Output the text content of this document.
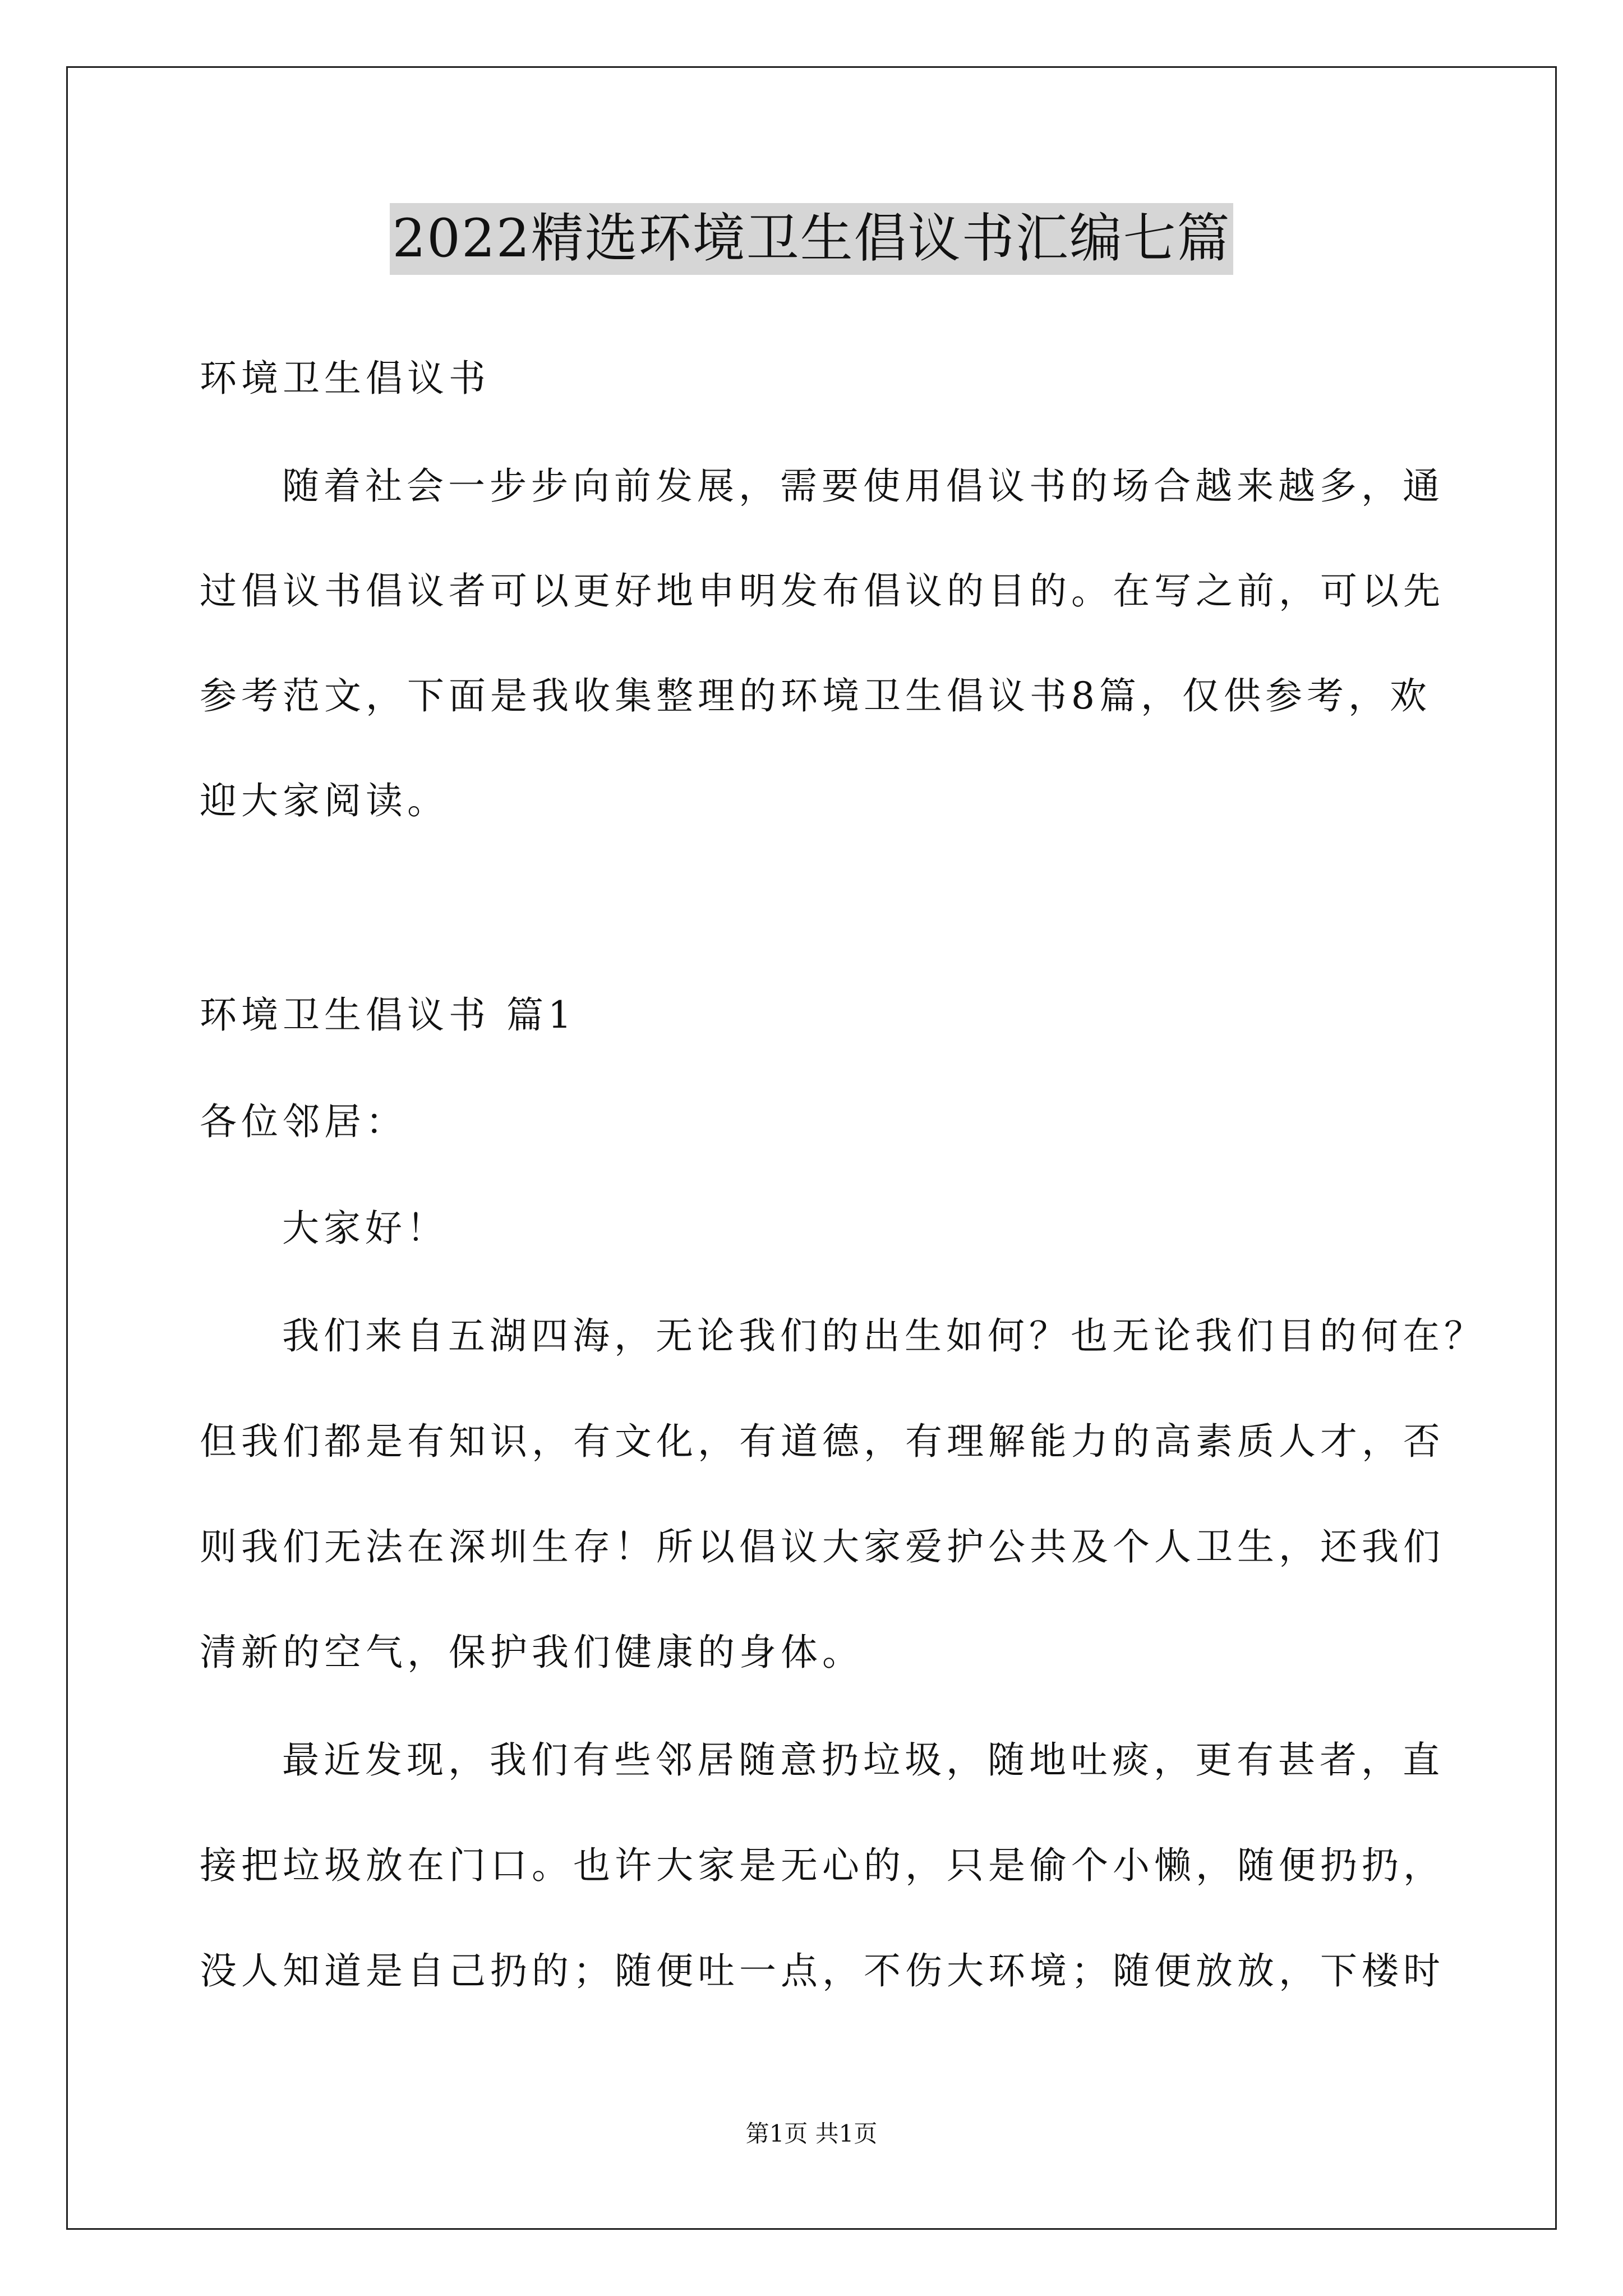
2022精选环境卫生倡议书汇编七篇
环境卫生倡议书
随着社会一步步向前发展，需要使用倡议书的场合越来越多，通
过倡议书倡议者可以更好地申明发布倡议的目的。在写之前，可以先
参考范文，下面是我收集整理的环境卫生倡议书8篇，仅供参考，欢
迎大家阅读。
环境卫生倡议书 篇1
各位邻居：
大家好！
我们来自五湖四海，无论我们的出生如何？也无论我们目的何在？
但我们都是有知识，有文化，有道德，有理解能力的高素质人才，否
则我们无法在深圳生存！所以倡议大家爱护公共及个人卫生，还我们
清新的空气，保护我们健康的身体。
最近发现，我们有些邻居随意扔垃圾，随地吐痰，更有甚者，直
接把垃圾放在门口。也许大家是无心的，只是偷个小懒，随便扔扔，
没人知道是自己扔的；随便吐一点，不伤大环境；随便放放，下楼时
第1页 共1页
